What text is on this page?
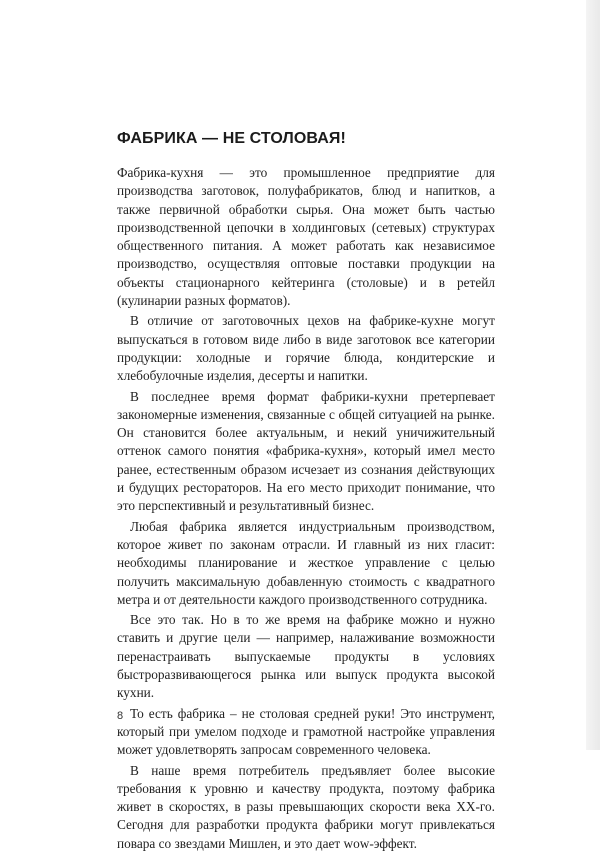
ФАБРИКА — НЕ СТОЛОВАЯ!

Фабрика-кухня — это промышленное предприятие для производства заготовок, полуфабрикатов, блюд и напитков, а также первичной обработки сырья. Она может быть частью производственной цепочки в холдинговых (сетевых) структурах общественного питания. А может работать как независимое производство, осуществляя оптовые поставки продукции на объекты стационарного кейтеринга (столовые) и в ретейл (кулинарии разных форматов).

В отличие от заготовочных цехов на фабрике-кухне могут выпускаться в готовом виде либо в виде заготовок все категории продукции: холодные и горячие блюда, кондитерские и хлебобулочные изделия, десерты и напитки.

В последнее время формат фабрики-кухни претерпевает закономерные изменения, связанные с общей ситуацией на рынке. Он становится более актуальным, и некий уничижительный оттенок самого понятия «фабрика-кухня», который имел место ранее, естественным образом исчезает из сознания действующих и будущих рестораторов. На его место приходит понимание, что это перспективный и результативный бизнес.

Любая фабрика является индустриальным производством, которое живет по законам отрасли. И главный из них гласит: необходимы планирование и жесткое управление с целью получить максимальную добавленную стоимость с квадратного метра и от деятельности каждого производственного сотрудника.

Все это так. Но в то же время на фабрике можно и нужно ставить и другие цели — например, налаживание возможности перенастраивать выпускаемые продукты в условиях быстроразвивающегося рынка или выпуск продукта высокой кухни.

То есть фабрика – не столовая средней руки! Это инструмент, который при умелом подходе и грамотной настройке управления может удовлетворять запросам современного человека.

В наше время потребитель предъявляет более высокие требования к уровню и качеству продукта, поэтому фабрика живет в скоростях, в разы превышающих скорости века XX-го. Сегодня для разработки продукта фабрики могут привлекаться повара со звездами Мишлен, и это дает wow-эффект.

8
